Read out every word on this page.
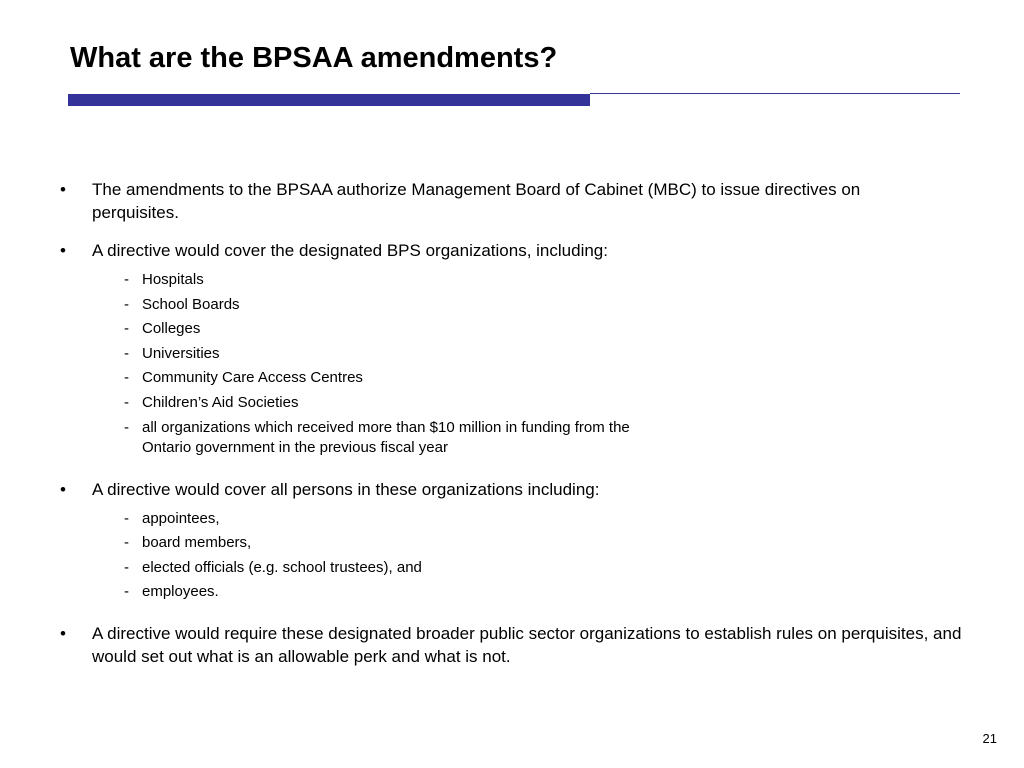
What are the BPSAA amendments?
•	The amendments to the BPSAA authorize Management Board of Cabinet (MBC) to issue directives on perquisites.
•	A directive would cover the designated BPS organizations, including:
- Hospitals
- School Boards
- Colleges
- Universities
- Community Care Access Centres
- Children’s Aid Societies
- all organizations which received more than $10 million in funding from the Ontario government in the previous fiscal year
•	A directive would cover all persons in these organizations including:
- appointees,
- board members,
- elected officials (e.g. school trustees), and
- employees.
•	A directive would require these designated broader public sector organizations to establish rules on perquisites, and would set out what is an allowable perk and what is not.
21
